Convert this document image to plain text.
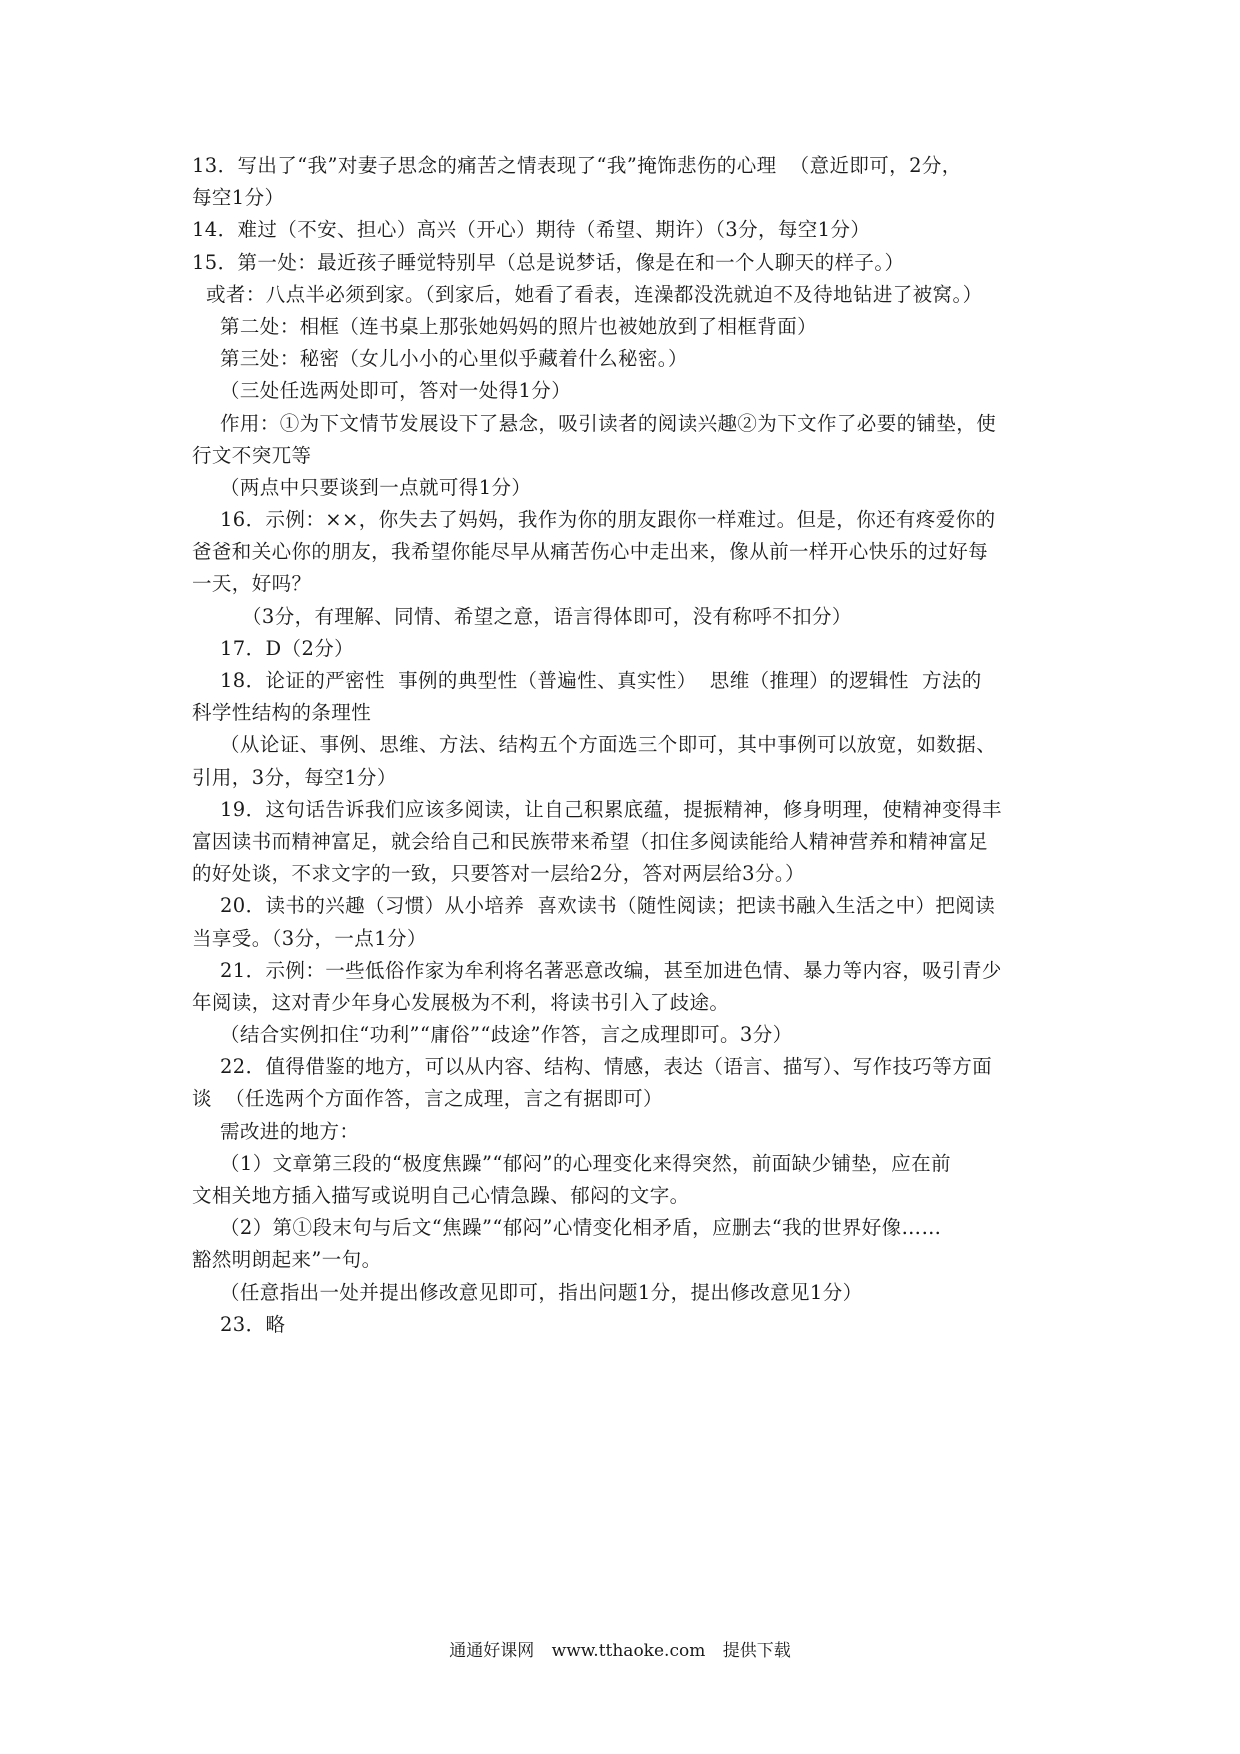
13．写出了“我”对妻子思念的痛苦之情表现了“我”掩饰悲伤的心理  （意近即可，2分，
每空1分）
14．难过（不安、担心）高兴（开心）期待（希望、期许）（3分，每空1分）
15．第一处：最近孩子睡觉特别早（总是说梦话，像是在和一个人聊天的样子。）
或者：八点半必须到家。（到家后，她看了看表，连澡都没洗就迫不及待地钻进了被窝。）
第二处：相框（连书桌上那张她妈妈的照片也被她放到了相框背面）
第三处：秘密（女儿小小的心里似乎藏着什么秘密。）
（三处任选两处即可，答对一处得1分）
作用：①为下文情节发展设下了悬念，吸引读者的阅读兴趣②为下文作了必要的铺垫，使
行文不突兀等
（两点中只要谈到一点就可得1分）
16．示例：××，你失去了妈妈，我作为你的朋友跟你一样难过。但是，你还有疼爱你的
爸爸和关心你的朋友，我希望你能尽早从痛苦伤心中走出来，像从前一样开心快乐的过好每
一天，好吗？
（3分，有理解、同情、希望之意，语言得体即可，没有称呼不扣分）
17．D（2分）
18．论证的严密性  事例的典型性（普遍性、真实性）  思维（推理）的逻辑性  方法的
科学性结构的条理性
（从论证、事例、思维、方法、结构五个方面选三个即可，其中事例可以放宽，如数据、
引用，3分，每空1分）
19．这句话告诉我们应该多阅读，让自己积累底蕴，提振精神，修身明理，使精神变得丰
富因读书而精神富足，就会给自己和民族带来希望（扣住多阅读能给人精神营养和精神富足
的好处谈，不求文字的一致，只要答对一层给2分，答对两层给3分。）
20．读书的兴趣（习惯）从小培养  喜欢读书（随性阅读；把读书融入生活之中）把阅读
当享受。（3分，一点1分）
21．示例：一些低俗作家为牟利将名著恶意改编，甚至加进色情、暴力等内容，吸引青少
年阅读，这对青少年身心发展极为不利，将读书引入了歧途。
（结合实例扣住“功利”“庸俗”“歧途”作答，言之成理即可。3分）
22．值得借鉴的地方，可以从内容、结构、情感，表达（语言、描写）、写作技巧等方面
谈  （任选两个方面作答，言之成理，言之有据即可）
需改进的地方：
（1）文章第三段的“极度焦躁”“郁闷”的心理变化来得突然，前面缺少铺垫，应在前
文相关地方插入描写或说明自己心情急躁、郁闷的文字。
（2）第①段末句与后文“焦躁”“郁闷”心情变化相矛盾，应删去“我的世界好像……
豁然明朗起来”一句。
（任意指出一处并提出修改意见即可，指出问题1分，提出修改意见1分）
23．略
通通好课网 www.tthaoke.com 提供下载
